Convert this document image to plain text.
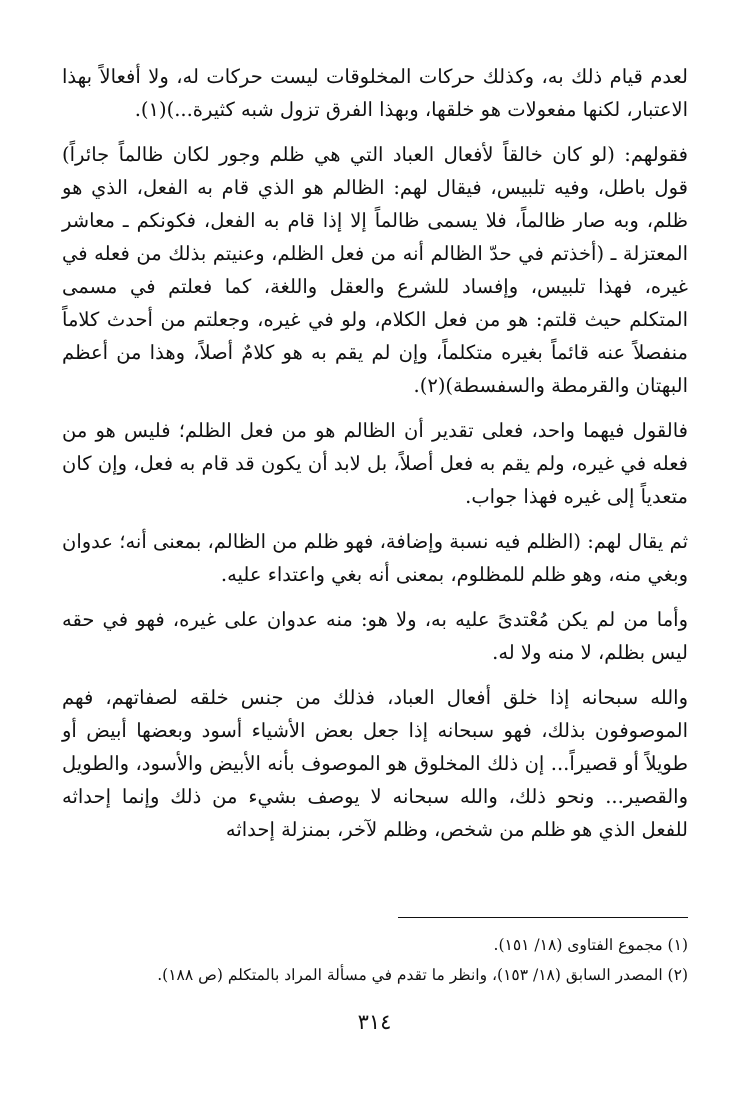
لعدم قيام ذلك به، وكذلك حركات المخلوقات ليست حركات له، ولا أفعالاً بهذا الاعتبار، لكنها مفعولات هو خلقها، وبهذا الفرق تزول شبه كثيرة...)(١).

فقولهم: (لو كان خالقاً لأفعال العباد التي هي ظلم وجور لكان ظالماً جائراً) قول باطل، وفيه تلبيس، فيقال لهم: الظالم هو الذي قام به الفعل، الذي هو ظلم، وبه صار ظالماً، فلا يسمى ظالماً إلا إذا قام به الفعل، فكونكم ـ معاشر المعتزلة ـ (أخذتم في حدّ الظالم أنه من فعل الظلم، وعنيتم بذلك من فعله في غيره، فهذا تلبيس، وإفساد للشرع والعقل واللغة، كما فعلتم في مسمى المتكلم حيث قلتم: هو من فعل الكلام، ولو في غيره، وجعلتم من أحدث كلاماً منفصلاً عنه قائماً بغيره متكلماً، وإن لم يقم به هو كلامٌ أصلاً، وهذا من أعظم البهتان والقرمطة والسفسطة)(٢).

فالقول فيهما واحد، فعلى تقدير أن الظالم هو من فعل الظلم؛ فليس هو من فعله في غيره، ولم يقم به فعل أصلاً، بل لابد أن يكون قد قام به فعل، وإن كان متعدياً إلى غيره فهذا جواب.

ثم يقال لهم: (الظلم فيه نسبة وإضافة، فهو ظلم من الظالم، بمعنى أنه؛ عدوان وبغي منه، وهو ظلم للمظلوم، بمعنى أنه بغي واعتداء عليه.

وأما من لم يكن مُعْتدىً عليه به، ولا هو: منه عدوان على غيره، فهو في حقه ليس بظلم، لا منه ولا له.

والله سبحانه إذا خلق أفعال العباد، فذلك من جنس خلقه لصفاتهم، فهم الموصوفون بذلك، فهو سبحانه إذا جعل بعض الأشياء أسود وبعضها أبيض أو طويلاً أو قصيراً... إن ذلك المخلوق هو الموصوف بأنه الأبيض والأسود، والطويل والقصير... ونحو ذلك، والله سبحانه لا يوصف بشيء من ذلك وإنما إحداثه للفعل الذي هو ظلم من شخص، وظلم لآخر، بمنزلة إحداثه

(١) مجموع الفتاوى (١٨/ ١٥١).
(٢) المصدر السابق (١٨/ ١٥٣)، وانظر ما تقدم في مسألة المراد بالمتكلم (ص ١٨٨).
٣١٤
